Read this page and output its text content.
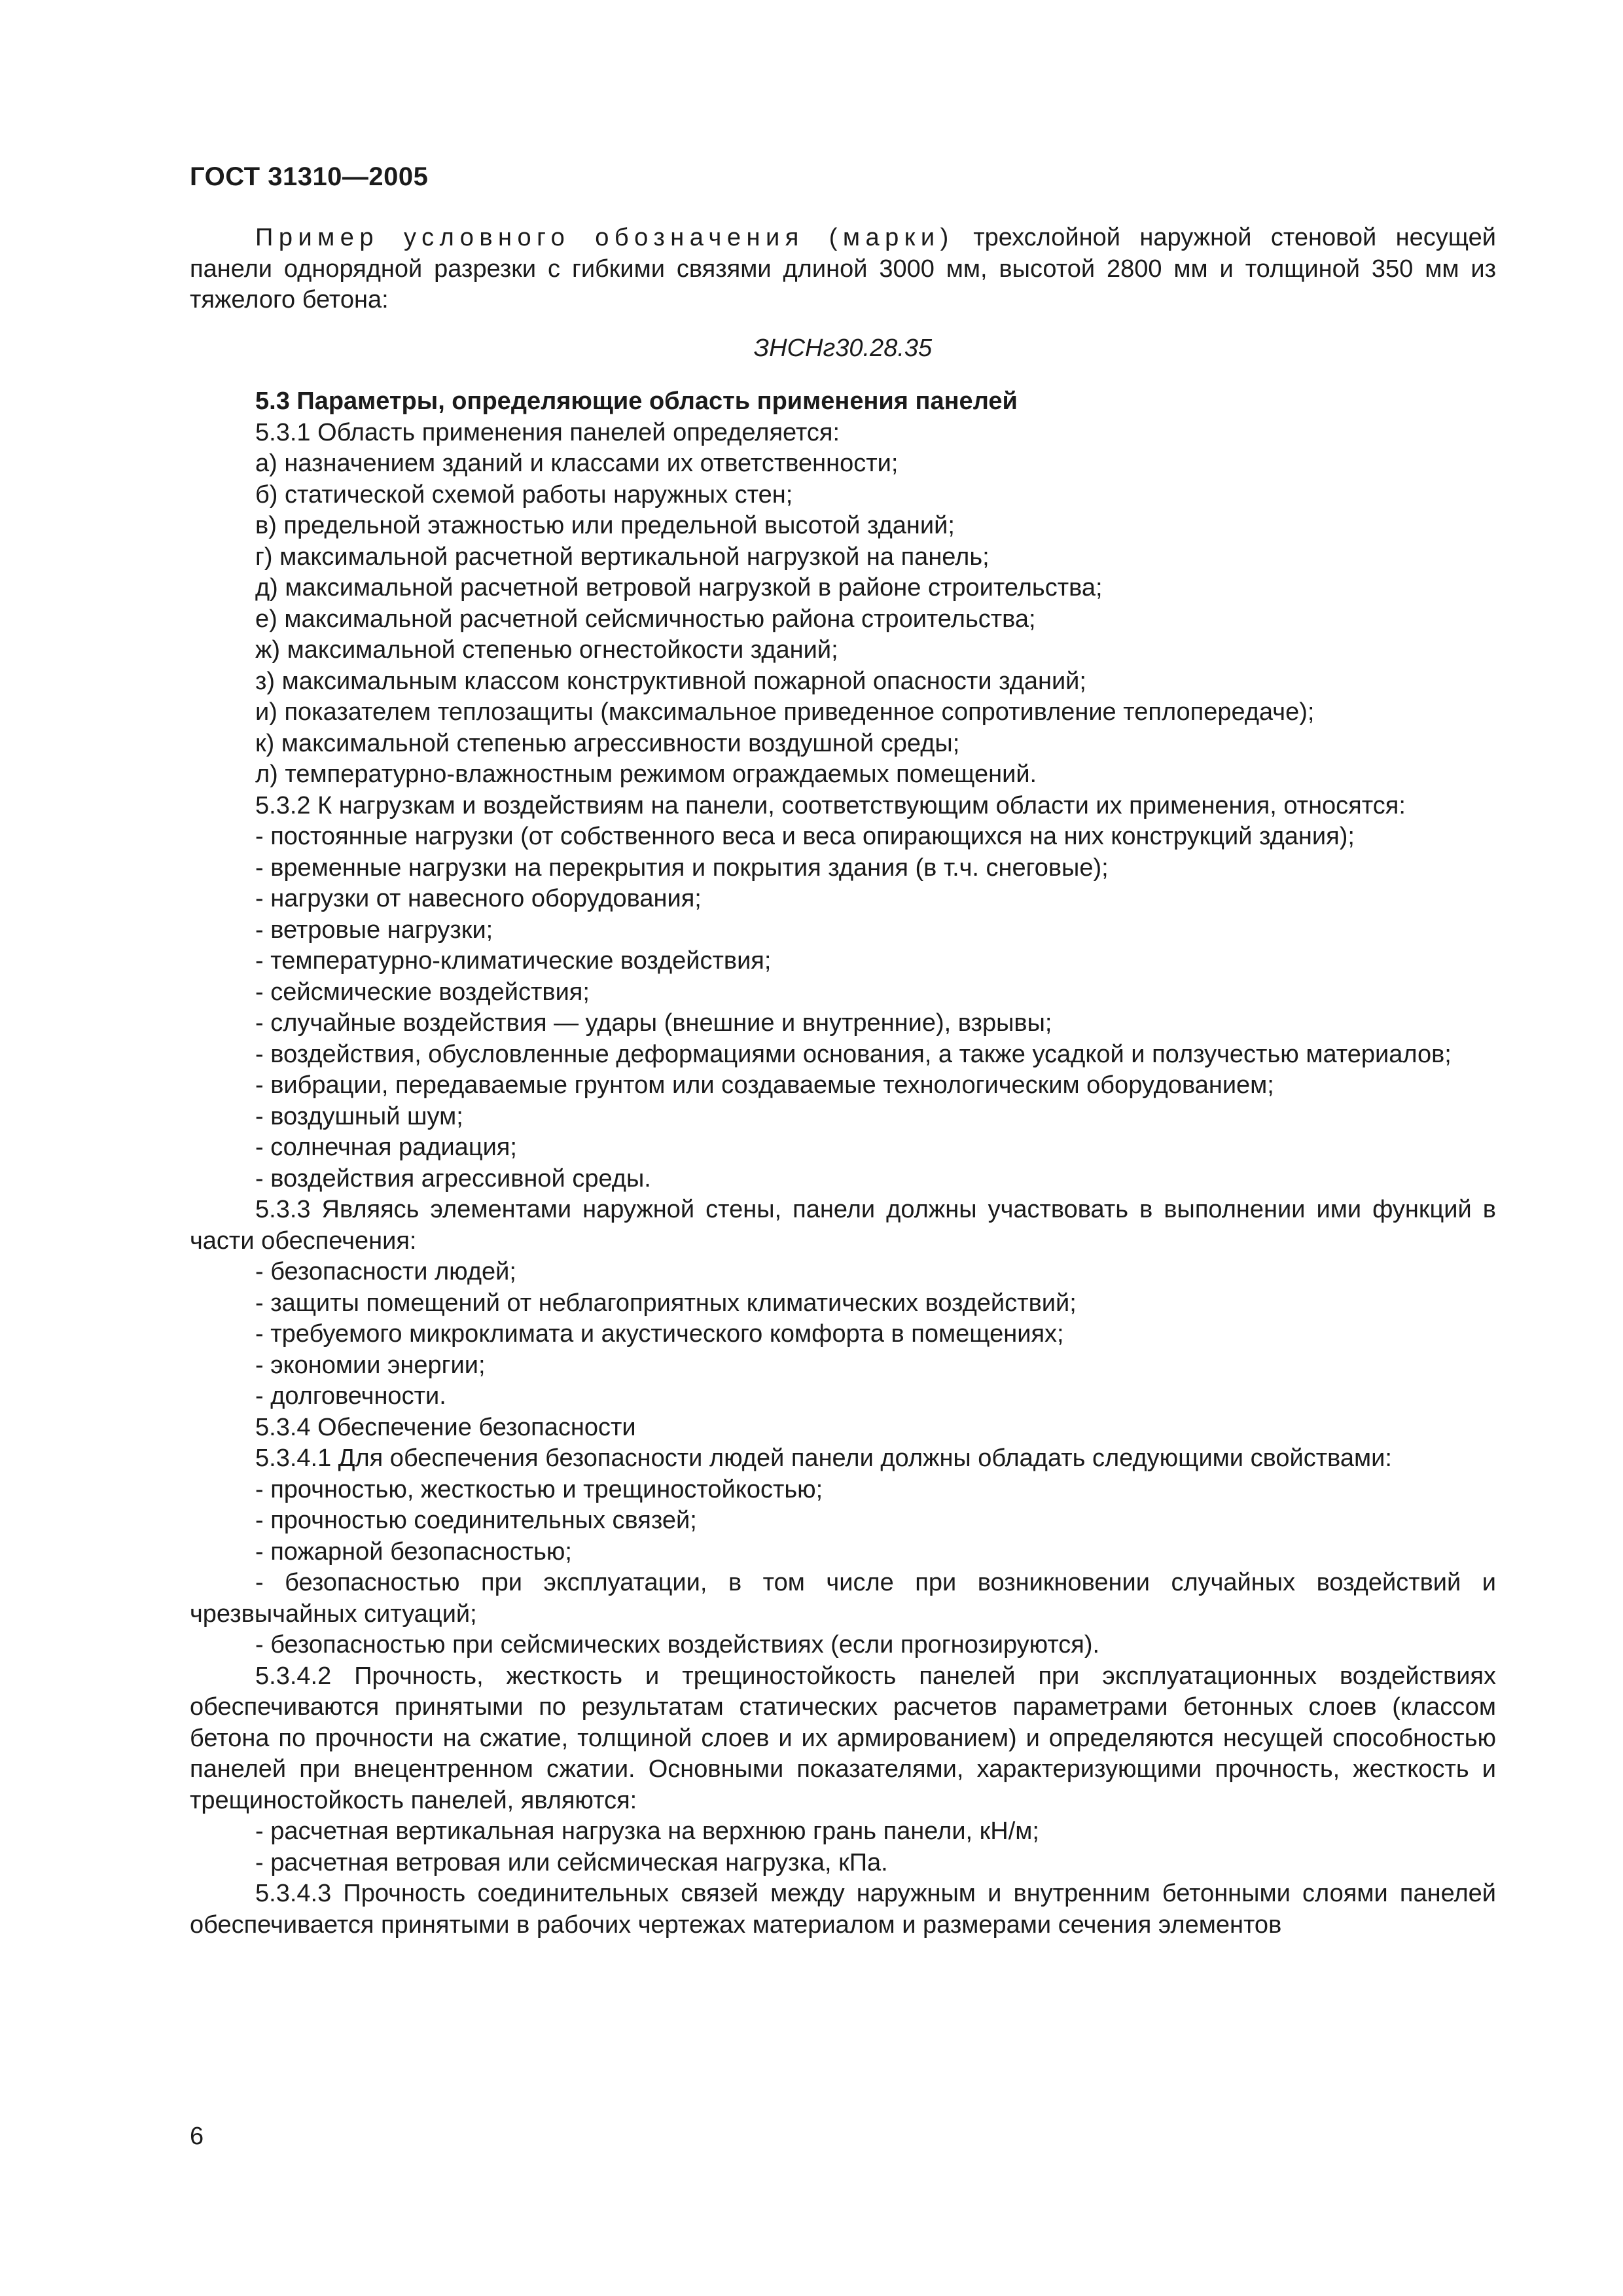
ГОСТ 31310—2005

Пример условного обозначения (марки) трехслойной наружной стеновой несущей панели однорядной разрезки с гибкими связями длиной 3000 мм, высотой 2800 мм и толщиной 350 мм из тяжелого бетона:

ЗНСНг30.28.35

5.3 Параметры, определяющие область применения панелей

5.3.1 Область применения панелей определяется:

а) назначением зданий и классами их ответственности;

б) статической схемой работы наружных стен;

в) предельной этажностью или предельной высотой зданий;

г) максимальной расчетной вертикальной нагрузкой на панель;

д) максимальной расчетной ветровой нагрузкой в районе строительства;

е) максимальной расчетной сейсмичностью района строительства;

ж) максимальной степенью огнестойкости зданий;

з) максимальным классом конструктивной пожарной опасности зданий;

и) показателем теплозащиты (максимальное приведенное сопротивление теплопередаче);

к) максимальной степенью агрессивности воздушной среды;

л) температурно-влажностным режимом ограждаемых помещений.

5.3.2 К нагрузкам и воздействиям на панели, соответствующим области их применения, относятся:

- постоянные нагрузки (от собственного веса и веса опирающихся на них конструкций здания);

- временные нагрузки на перекрытия и покрытия здания (в т.ч. снеговые);

- нагрузки от навесного оборудования;

- ветровые нагрузки;

- температурно-климатические воздействия;

- сейсмические воздействия;

- случайные воздействия — удары (внешние и внутренние), взрывы;

- воздействия, обусловленные деформациями основания, а также усадкой и ползучестью материалов;

- вибрации, передаваемые грунтом или создаваемые технологическим оборудованием;

- воздушный шум;

- солнечная радиация;

- воздействия агрессивной среды.

5.3.3 Являясь элементами наружной стены, панели должны участвовать в выполнении ими функций в части обеспечения:

- безопасности людей;

- защиты помещений от неблагоприятных климатических воздействий;

- требуемого микроклимата и акустического комфорта в помещениях;

- экономии энергии;

- долговечности.

5.3.4 Обеспечение безопасности

5.3.4.1 Для обеспечения безопасности людей панели должны обладать следующими свойствами:

- прочностью, жесткостью и трещиностойкостью;

- прочностью соединительных связей;

- пожарной безопасностью;

- безопасностью при эксплуатации, в том числе при возникновении случайных воздействий и чрезвычайных ситуаций;

- безопасностью при сейсмических воздействиях (если прогнозируются).

5.3.4.2 Прочность, жесткость и трещиностойкость панелей при эксплуатационных воздействиях обеспечиваются принятыми по результатам статических расчетов параметрами бетонных слоев (классом бетона по прочности на сжатие, толщиной слоев и их армированием) и определяются несущей способностью панелей при внецентренном сжатии. Основными показателями, характеризующими прочность, жесткость и трещиностойкость панелей, являются:

- расчетная вертикальная нагрузка на верхнюю грань панели, кН/м;

- расчетная ветровая или сейсмическая нагрузка, кПа.

5.3.4.3 Прочность соединительных связей между наружным и внутренним бетонными слоями панелей обеспечивается принятыми в рабочих чертежах материалом и размерами сечения элементов

6
